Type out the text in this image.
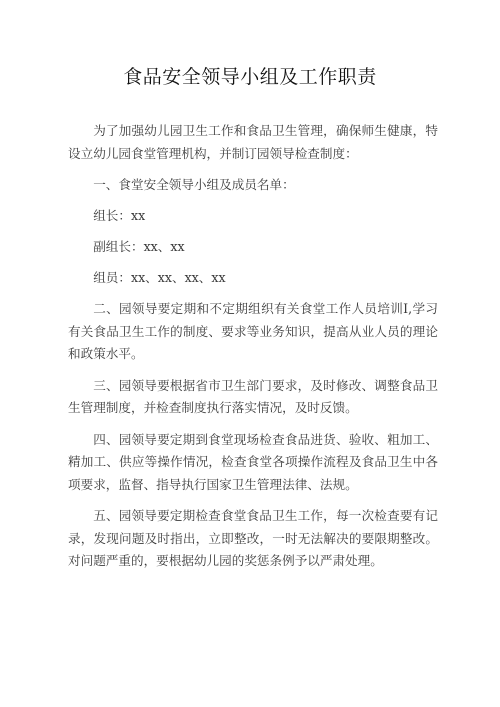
食品安全领导小组及工作职责

为了加强幼儿园卫生工作和食品卫生管理，确保师生健康，特设立幼儿园食堂管理机构，并制订园领导检查制度：

一、食堂安全领导小组及成员名单：

组长：xx

副组长：xx、xx

组员：xx、xx、xx、xx

二、园领导要定期和不定期组织有关食堂工作人员培训I,学习有关食品卫生工作的制度、要求等业务知识，提高从业人员的理论和政策水平。

三、园领导要根据省市卫生部门要求，及时修改、调整食品卫生管理制度，并检查制度执行落实情况，及时反馈。

四、园领导要定期到食堂现场检查食品进货、验收、粗加工、精加工、供应等操作情况，检查食堂各项操作流程及食品卫生中各项要求，监督、指导执行国家卫生管理法律、法规。

五、园领导要定期检查食堂食品卫生工作，每一次检查要有记录，发现问题及时指出，立即整改，一时无法解决的要限期整改。对问题严重的，要根据幼儿园的奖惩条例予以严肃处理。
